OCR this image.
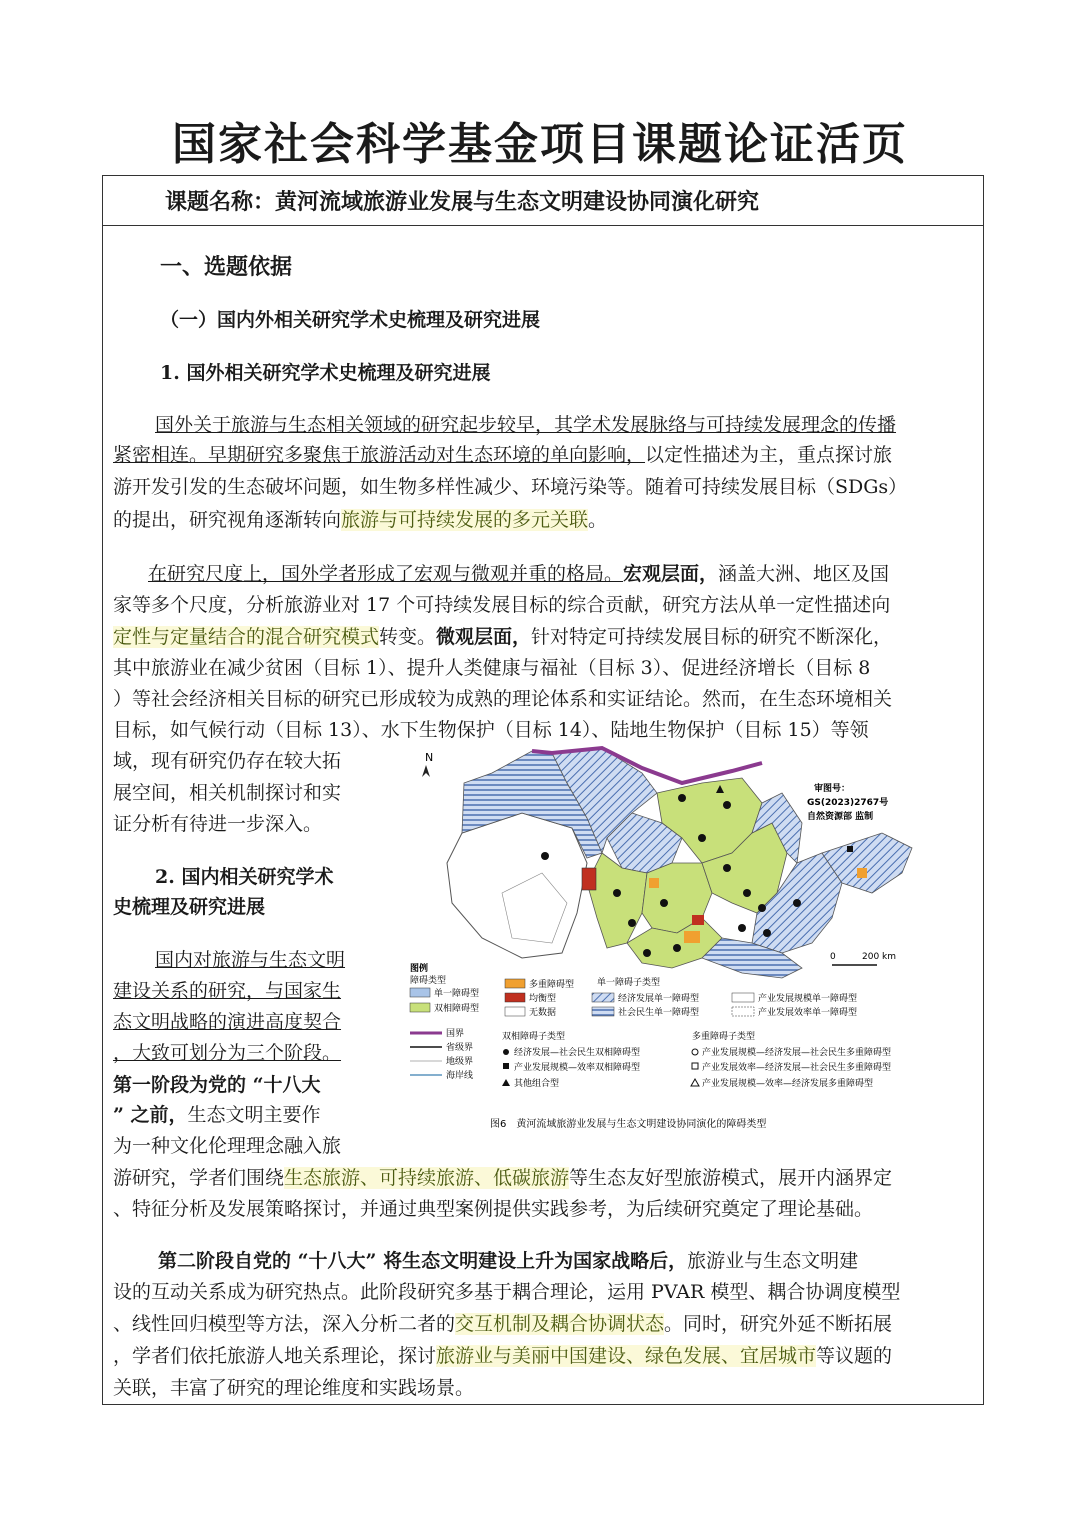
国家社会科学基金项目课题论证活页
课题名称：黄河流域旅游业发展与生态文明建设协同演化研究
一、选题依据
（一）国内外相关研究学术史梳理及研究进展
1. 国外相关研究学术史梳理及研究进展
国外关于旅游与生态相关领域的研究起步较早，其学术发展脉络与可持续发展理念的传播
紧密相连。早期研究多聚焦于旅游活动对生态环境的单向影响，以定性描述为主，重点探讨旅
游开发引发的生态破坏问题，如生物多样性减少、环境污染等。随着可持续发展目标（SDGs）
的提出，研究视角逐渐转向旅游与可持续发展的多元关联。
在研究尺度上，国外学者形成了宏观与微观并重的格局。宏观层面，涵盖大洲、地区及国
家等多个尺度，分析旅游业对 17 个可持续发展目标的综合贡献，研究方法从单一定性描述向
定性与定量结合的混合研究模式转变。微观层面，针对特定可持续发展目标的研究不断深化，
其中旅游业在减少贫困（目标 1）、提升人类健康与福祉（目标 3）、促进经济增长（目标 8
）等社会经济相关目标的研究已形成较为成熟的理论体系和实证结论。然而，在生态环境相关
目标，如气候行动（目标 13）、水下生物保护（目标 14）、陆地生物保护（目标 15）等领
域，现有研究仍存在较大拓
展空间，相关机制探讨和实
证分析有待进一步深入。
2. 国内相关研究学术
史梳理及研究进展
国内对旅游与生态文明
建设关系的研究，与国家生
态文明战略的演进高度契合
，大致可划分为三个阶段。
第一阶段为党的 “十八大
” 之前，生态文明主要作
为一种文化伦理理念融入旅
游研究，学者们围绕生态旅游、可持续旅游、低碳旅游等生态友好型旅游模式，展开内涵界定
、特征分析及发展策略探讨，并通过典型案例提供实践参考，为后续研究奠定了理论基础。
第二阶段自党的 “十八大” 将生态文明建设上升为国家战略后，旅游业与生态文明建
设的互动关系成为研究热点。此阶段研究多基于耦合理论，运用 PVAR 模型、耦合协调度模型
、线性回归模型等方法，深入分析二者的交互机制及耦合协调状态。同时，研究外延不断拓展
，学者们依托旅游人地关系理论，探讨旅游业与美丽中国建设、绿色发展、宜居城市等议题的
关联，丰富了研究的理论维度和实践场景。
N
审图号：
GS(2023)2767号
自然资源部 监制
0	200 km
图例
障碍类型
单一障碍型
双相障碍型
多重障碍型
均衡型
无数据
单一障碍子类型
经济发展单一障碍型
社会民生单一障碍型
产业发展规模单一障碍型
产业发展效率单一障碍型
国界
省级界
地级界
海岸线
双相障碍子类型
经济发展—社会民生双相障碍型
产业发展规模—效率双相障碍型
其他组合型
多重障碍子类型
产业发展规模—经济发展—社会民生多重障碍型
产业发展效率—经济发展—社会民生多重障碍型
产业发展规模—效率—经济发展多重障碍型
图6　黄河流域旅游业发展与生态文明建设协同演化的障碍类型
